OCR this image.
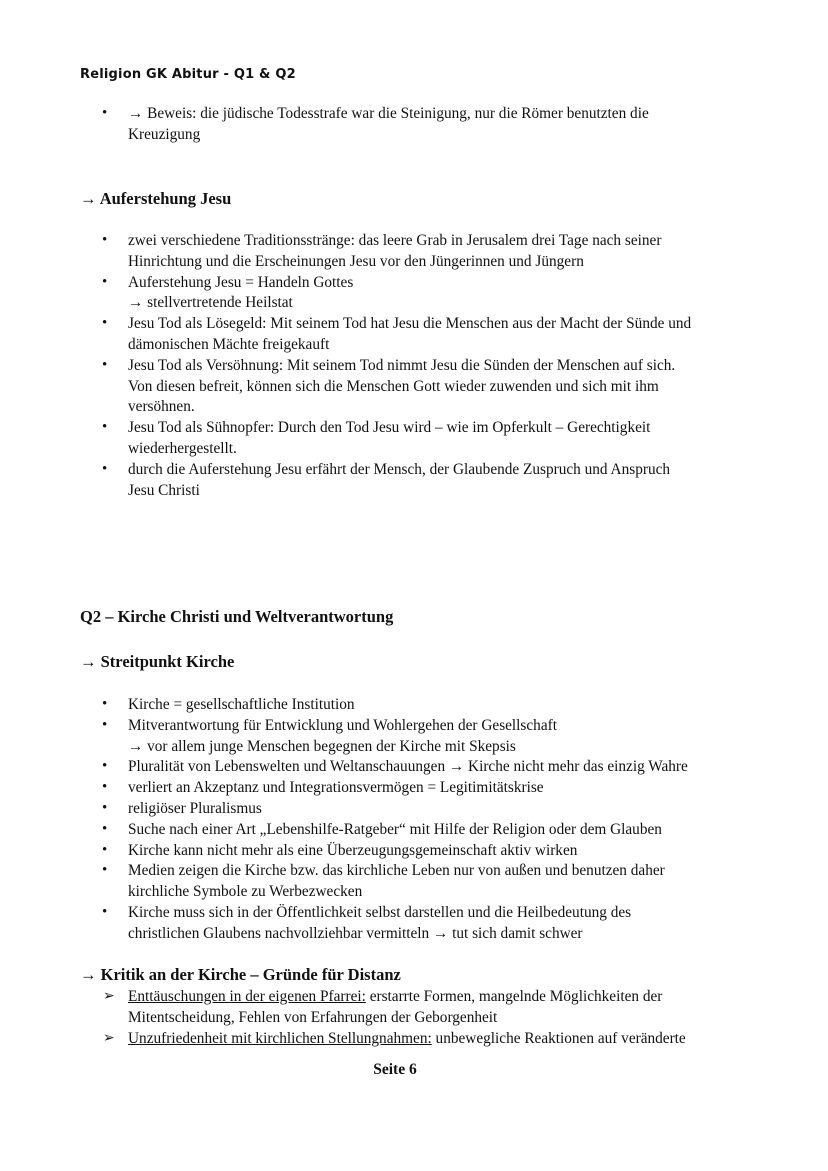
Religion GK Abitur - Q1 & Q2
• → Beweis: die jüdische Todesstrafe war die Steinigung, nur die Römer benutzten die
Kreuzigung
→ Auferstehung Jesu
• zwei verschiedene Traditionsstränge: das leere Grab in Jerusalem drei Tage nach seiner
Hinrichtung und die Erscheinungen Jesu vor den Jüngerinnen und Jüngern
• Auferstehung Jesu = Handeln Gottes
→ stellvertretende Heilstat
• Jesu Tod als Lösegeld: Mit seinem Tod hat Jesu die Menschen aus der Macht der Sünde und
dämonischen Mächte freigekauft
• Jesu Tod als Versöhnung: Mit seinem Tod nimmt Jesu die Sünden der Menschen auf sich.
Von diesen befreit, können sich die Menschen Gott wieder zuwenden und sich mit ihm
versöhnen.
• Jesu Tod als Sühnopfer: Durch den Tod Jesu wird – wie im Opferkult – Gerechtigkeit
wiederhergestellt.
• durch die Auferstehung Jesu erfährt der Mensch, der Glaubende Zuspruch und Anspruch
Jesu Christi
Q2 – Kirche Christi und Weltverantwortung
→ Streitpunkt Kirche
• Kirche = gesellschaftliche Institution
• Mitverantwortung für Entwicklung und Wohlergehen der Gesellschaft
→ vor allem junge Menschen begegnen der Kirche mit Skepsis
• Pluralität von Lebenswelten und Weltanschauungen → Kirche nicht mehr das einzig Wahre
• verliert an Akzeptanz und Integrationsvermögen = Legitimitätskrise
• religiöser Pluralismus
• Suche nach einer Art „Lebenshilfe-Ratgeber“ mit Hilfe der Religion oder dem Glauben
• Kirche kann nicht mehr als eine Überzeugungsgemeinschaft aktiv wirken
• Medien zeigen die Kirche bzw. das kirchliche Leben nur von außen und benutzen daher
kirchliche Symbole zu Werbezwecken
• Kirche muss sich in der Öffentlichkeit selbst darstellen und die Heilbedeutung des
christlichen Glaubens nachvollziehbar vermitteln → tut sich damit schwer
→ Kritik an der Kirche – Gründe für Distanz
➢ Enttäuschungen in der eigenen Pfarrei: erstarrte Formen, mangelnde Möglichkeiten der
Mitentscheidung, Fehlen von Erfahrungen der Geborgenheit
➢ Unzufriedenheit mit kirchlichen Stellungnahmen: unbewegliche Reaktionen auf veränderte
Seite 6
